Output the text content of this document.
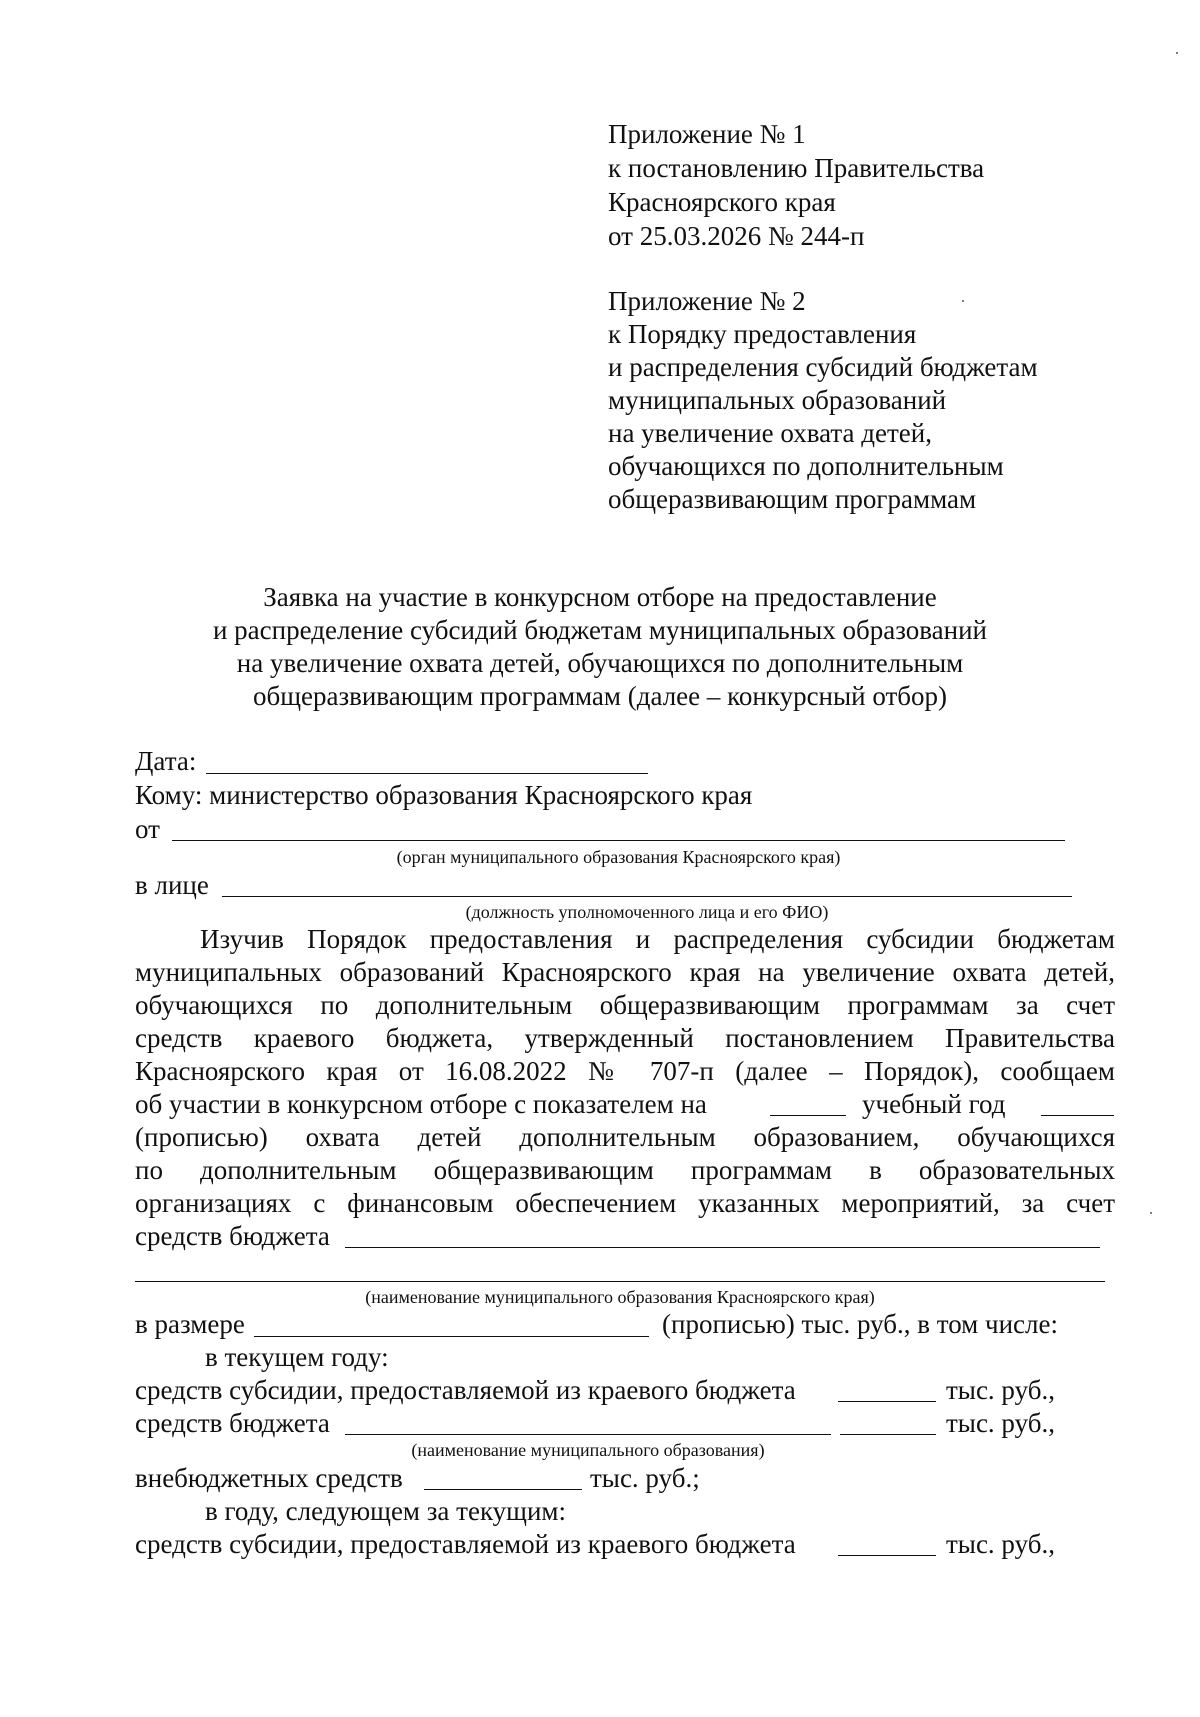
Приложение № 1
к постановлению Правительства
Красноярского края
от 25.03.2026 № 244-п
Приложение № 2
к Порядку предоставления
и распределения субсидий бюджетам
муниципальных образований
на увеличение охвата детей,
обучающихся по дополнительным
общеразвивающим программам
Заявка на участие в конкурсном отборе на предоставление
и распределение субсидий бюджетам муниципальных образований
на увеличение охвата детей, обучающихся по дополнительным
общеразвивающим программам (далее – конкурсный отбор)
Дата:
Кому: министерство образования Красноярского края
от
(орган муниципального образования Красноярского края)
в лице
(должность уполномоченного лица и его ФИО)
Изучив Порядок предоставления и распределения субсидии бюджетам
муниципальных образований Красноярского края на увеличение охвата детей,
обучающихся по дополнительным общеразвивающим программам за счет
средств краевого бюджета, утвержденный постановлением Правительства
Красноярского края от 16.08.2022 № 707-п (далее – Порядок), сообщаем
об участии в конкурсном отборе с показателем на	учебный год
(прописью) охвата детей дополнительным образованием, обучающихся
по дополнительным общеразвивающим программам в образовательных
организациях с финансовым обеспечением указанных мероприятий, за счет
средств бюджета
(наименование муниципального образования Красноярского края)
в размере	(прописью) тыс. руб., в том числе:
в текущем году:
средств субсидии, предоставляемой из краевого бюджета	тыс. руб.,
средств бюджета	тыс. руб.,
(наименование муниципального образования)
внебюджетных средств	тыс. руб.;
в году, следующем за текущим:
средств субсидии, предоставляемой из краевого бюджета	тыс. руб.,
